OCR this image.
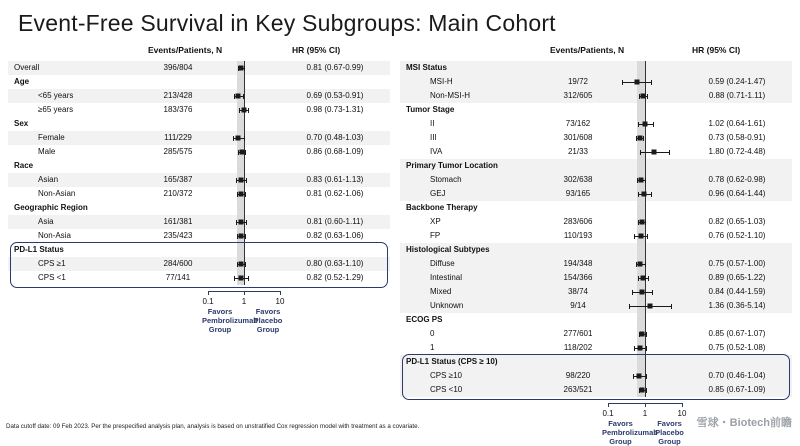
Event-Free Survival in Key Subgroups: Main Cohort
Events/Patients, N	HR (95% CI)
Overall	396/804	0.81 (0.67-0.99)
Age
<65 years	213/428	0.69 (0.53-0.91)
≥65 years	183/376	0.98 (0.73-1.31)
Sex
Female	111/229	0.70 (0.48-1.03)
Male	285/575	0.86 (0.68-1.09)
Race
Asian	165/387	0.83 (0.61-1.13)
Non-Asian	210/372	0.81 (0.62-1.06)
Geographic Region
Asia	161/381	0.81 (0.60-1.11)
Non-Asia	235/423	0.82 (0.63-1.06)
PD-L1 Status
CPS ≥1	284/600	0.80 (0.63-1.10)
CPS <1	77/141	0.82 (0.52-1.29)
0.1	1	10
Favors
Pembrolizumab Group
Favors
Placebo Group
Events/Patients, N	HR (95% CI)
MSI Status
MSI-H	19/72	0.59 (0.24-1.47)
Non-MSI-H	312/605	0.88 (0.71-1.11)
Tumor Stage
II	73/162	1.02 (0.64-1.61)
III	301/608	0.73 (0.58-0.91)
IVA	21/33	1.80 (0.72-4.48)
Primary Tumor Location
Stomach	302/638	0.78 (0.62-0.98)
GEJ	93/165	0.96 (0.64-1.44)
Backbone Therapy
XP	283/606	0.82 (0.65-1.03)
FP	110/193	0.76 (0.52-1.10)
Histological Subtypes
Diffuse	194/348	0.75 (0.57-1.00)
Intestinal	154/366	0.89 (0.65-1.22)
Mixed	38/74	0.84 (0.44-1.59)
Unknown	9/14	1.36 (0.36-5.14)
ECOG PS
0	277/601	0.85 (0.67-1.07)
1	118/202	0.75 (0.52-1.08)
PD-L1 Status (CPS ≥ 10)
CPS ≥10	98/220	0.70 (0.46-1.04)
CPS <10	263/521	0.85 (0.67-1.09)
0.1	1	10
Favors
Pembrolizumab Group
Favors
Placebo Group
Data cutoff date: 09 Feb 2023. Per the prespecified analysis plan, analysis is based on unstratified Cox regression model with treatment as a covariate.	雪球・Biotech前瞻
